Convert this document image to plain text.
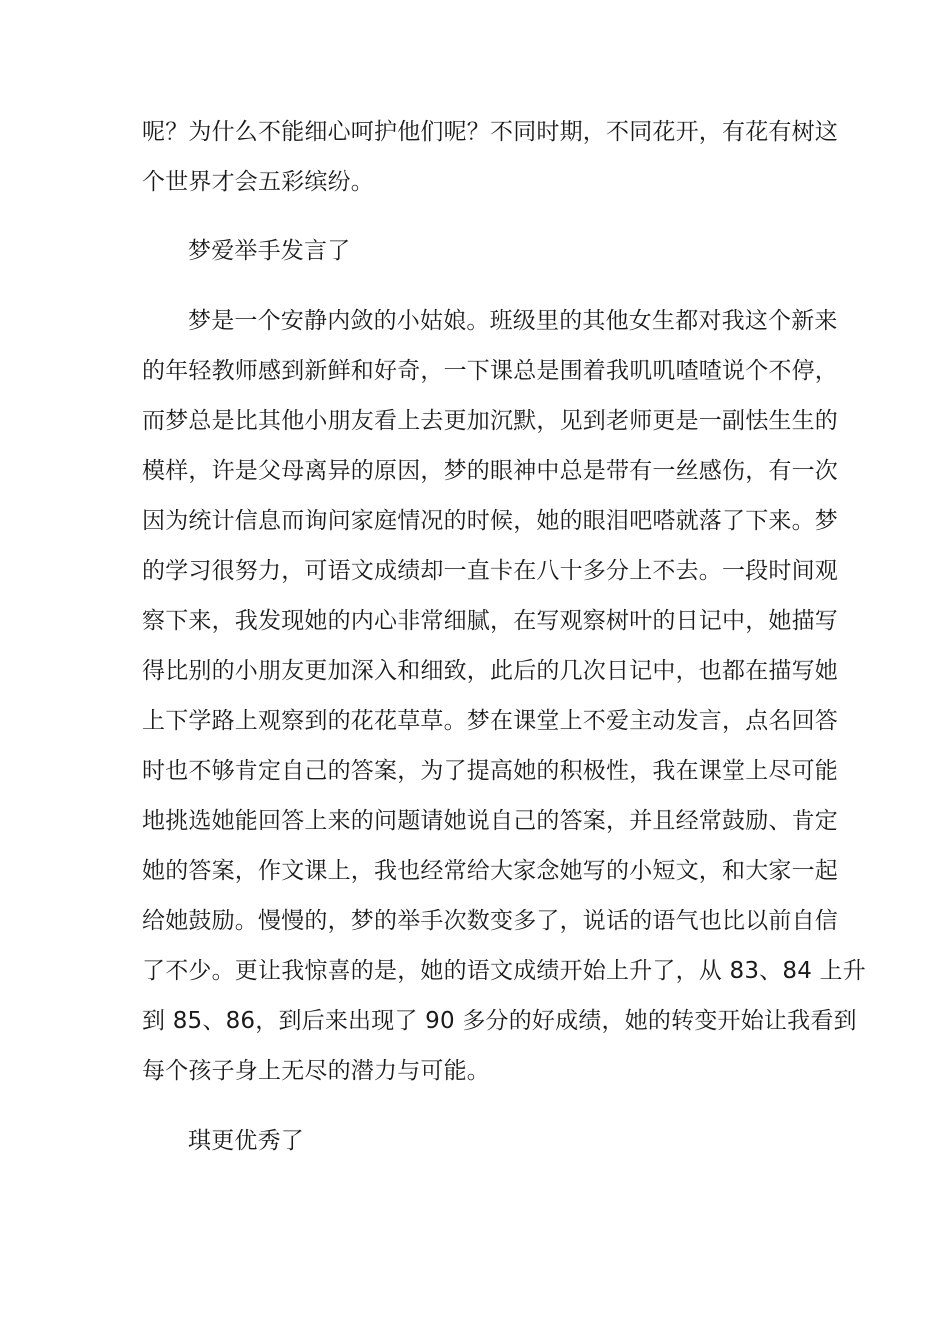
呢？为什么不能细心呵护他们呢？不同时期，不同花开，有花有树这
个世界才会五彩缤纷。
梦爱举手发言了
梦是一个安静内敛的小姑娘。班级里的其他女生都对我这个新来
的年轻教师感到新鲜和好奇，一下课总是围着我叽叽喳喳说个不停，
而梦总是比其他小朋友看上去更加沉默，见到老师更是一副怯生生的
模样，许是父母离异的原因，梦的眼神中总是带有一丝感伤，有一次
因为统计信息而询问家庭情况的时候，她的眼泪吧嗒就落了下来。梦
的学习很努力，可语文成绩却一直卡在八十多分上不去。一段时间观
察下来，我发现她的内心非常细腻，在写观察树叶的日记中，她描写
得比别的小朋友更加深入和细致，此后的几次日记中，也都在描写她
上下学路上观察到的花花草草。梦在课堂上不爱主动发言，点名回答
时也不够肯定自己的答案，为了提高她的积极性，我在课堂上尽可能
地挑选她能回答上来的问题请她说自己的答案，并且经常鼓励、肯定
她的答案，作文课上，我也经常给大家念她写的小短文，和大家一起
给她鼓励。慢慢的，梦的举手次数变多了，说话的语气也比以前自信
了不少。更让我惊喜的是，她的语文成绩开始上升了，从 83、84 上升
到 85、86，到后来出现了 90 多分的好成绩，她的转变开始让我看到
每个孩子身上无尽的潜力与可能。
琪更优秀了
